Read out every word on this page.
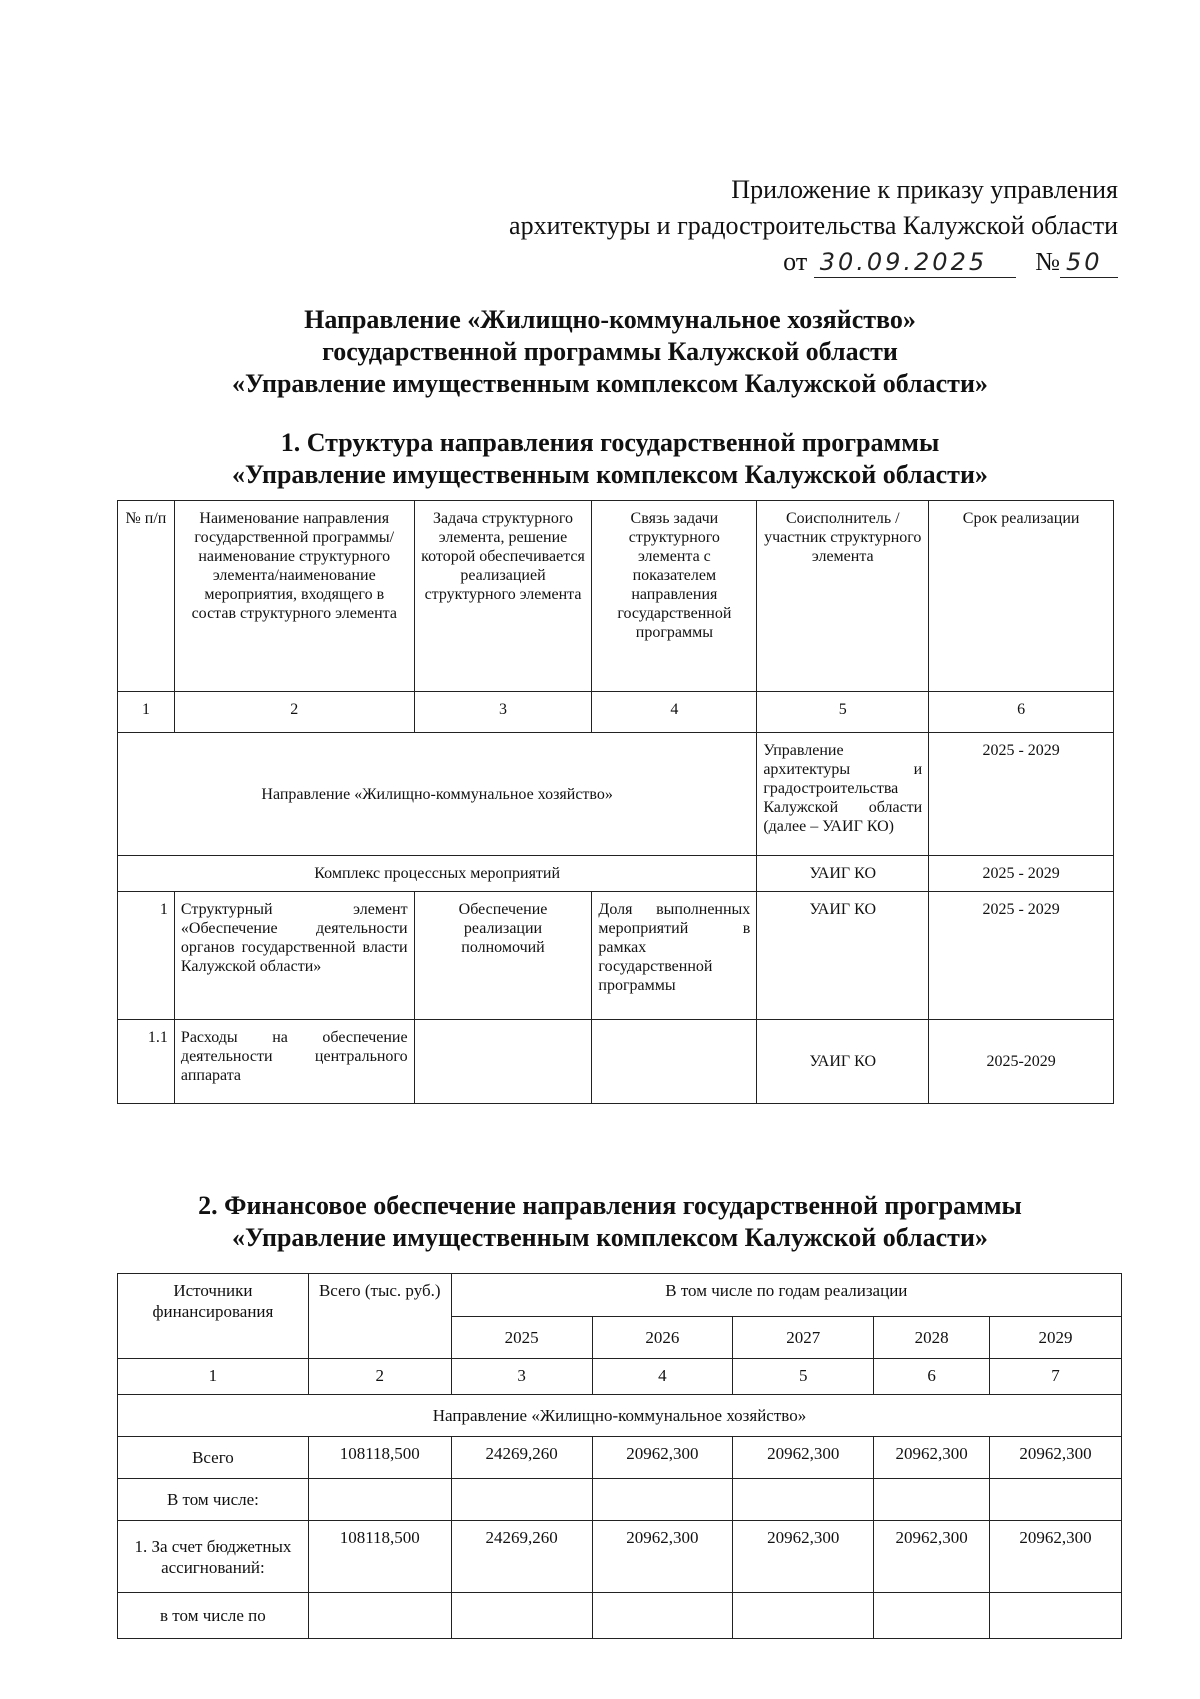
Приложение к приказу управления
архитектуры и градостроительства Калужской области
от 30.09.2025 № 50
Направление «Жилищно-коммунальное хозяйство»
государственной программы Калужской области
«Управление имущественным комплексом Калужской области»
1. Структура направления государственной программы
«Управление имущественным комплексом Калужской области»
№ п/п	Наименование направления государственной программы/наименование структурного элемента/наименование мероприятия, входящего в состав структурного элемента	Задача структурного элемента, решение которой обеспечивается реализацией структурного элемента	Связь задачи структурного элемента с показателем направления государственной программы	Соисполнитель /участник структурного элемента	Срок реализации
1	2	3	4	5	6
Направление «Жилищно-коммунальное хозяйство»				Управление архитектуры и градостроительства Калужской области (далее – УАИГ КО)	2025 - 2029
Комплекс процессных мероприятий				УАИГ КО	2025 - 2029
1	Структурный элемент «Обеспечение деятельности органов государственной власти Калужской области»	Обеспечение реализации полномочий	Доля выполненных мероприятий в рамках государственной программы	УАИГ КО	2025 - 2029
1.1	Расходы на обеспечение деятельности центрального аппарата			УАИГ КО	2025-2029
2. Финансовое обеспечение направления государственной программы
«Управление имущественным комплексом Калужской области»
Источники финансирования	Всего (тыс. руб.)	В том числе по годам реализации				
		2025	2026	2027	2028	2029
1	2	3	4	5	6	7
Направление «Жилищно-коммунальное хозяйство»						
Всего	108118,500	24269,260	20962,300	20962,300	20962,300	20962,300
В том числе:						
1. За счет бюджетных ассигнований:	108118,500	24269,260	20962,300	20962,300	20962,300	20962,300
в том числе по						
